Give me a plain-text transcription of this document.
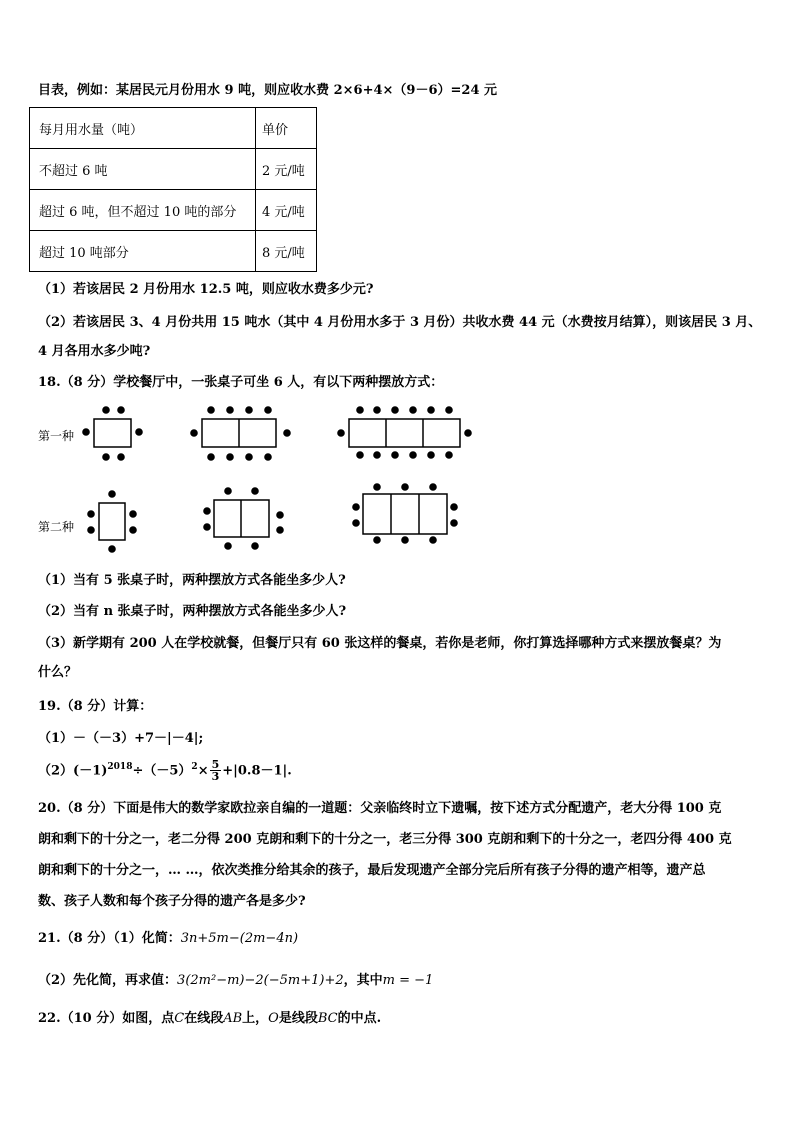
目表，例如：某居民元月份用水 9 吨，则应收水费 2×6+4×（9－6）=24 元
每月用水量（吨）	单价
不超过 6 吨	2 元/吨
超过 6 吨，但不超过 10 吨的部分	4 元/吨
超过 10 吨部分	8 元/吨
（1）若该居民 2 月份用水 12.5 吨，则应收水费多少元?
（2）若该居民 3、4 月份共用 15 吨水（其中 4 月份用水多于 3 月份）共收水费 44 元（水费按月结算），则该居民 3 月、
4 月各用水多少吨?
18.（8 分）学校餐厅中，一张桌子可坐 6 人，有以下两种摆放方式：
第一种
第二种
（1）当有 5 张桌子时，两种摆放方式各能坐多少人?
（2）当有 n 张桌子时，两种摆放方式各能坐多少人?
（3）新学期有 200 人在学校就餐，但餐厅只有 60 张这样的餐桌，若你是老师，你打算选择哪种方式来摆放餐桌？为
什么？
19.（8 分）计算：
（1）－（－3）+7－|－4|;
$(2)(-1)^{2018}\div(-5)^2\times \frac{5}{3} +|0.8-1|$.
20.（8 分）下面是伟大的数学家欧拉亲自编的一道题：父亲临终时立下遗嘱，按下述方式分配遗产，老大分得 100 克
朗和剩下的十分之一，老二分得 200 克朗和剩下的十分之一，老三分得 300 克朗和剩下的十分之一，老四分得 400 克
朗和剩下的十分之一，… …，依次类推分给其余的孩子，最后发现遗产全部分完后所有孩子分得的遗产相等，遗产总
数、孩子人数和每个孩子分得的遗产各是多少?
21.（8 分）（1）化简：3n+5m−(2m−4n)
（2）先化简，再求值：3(2m²−m)−2(−5m+1)+2，其中m = −1
22.（10 分）如图，点C在线段AB上，O是线段BC的中点.
